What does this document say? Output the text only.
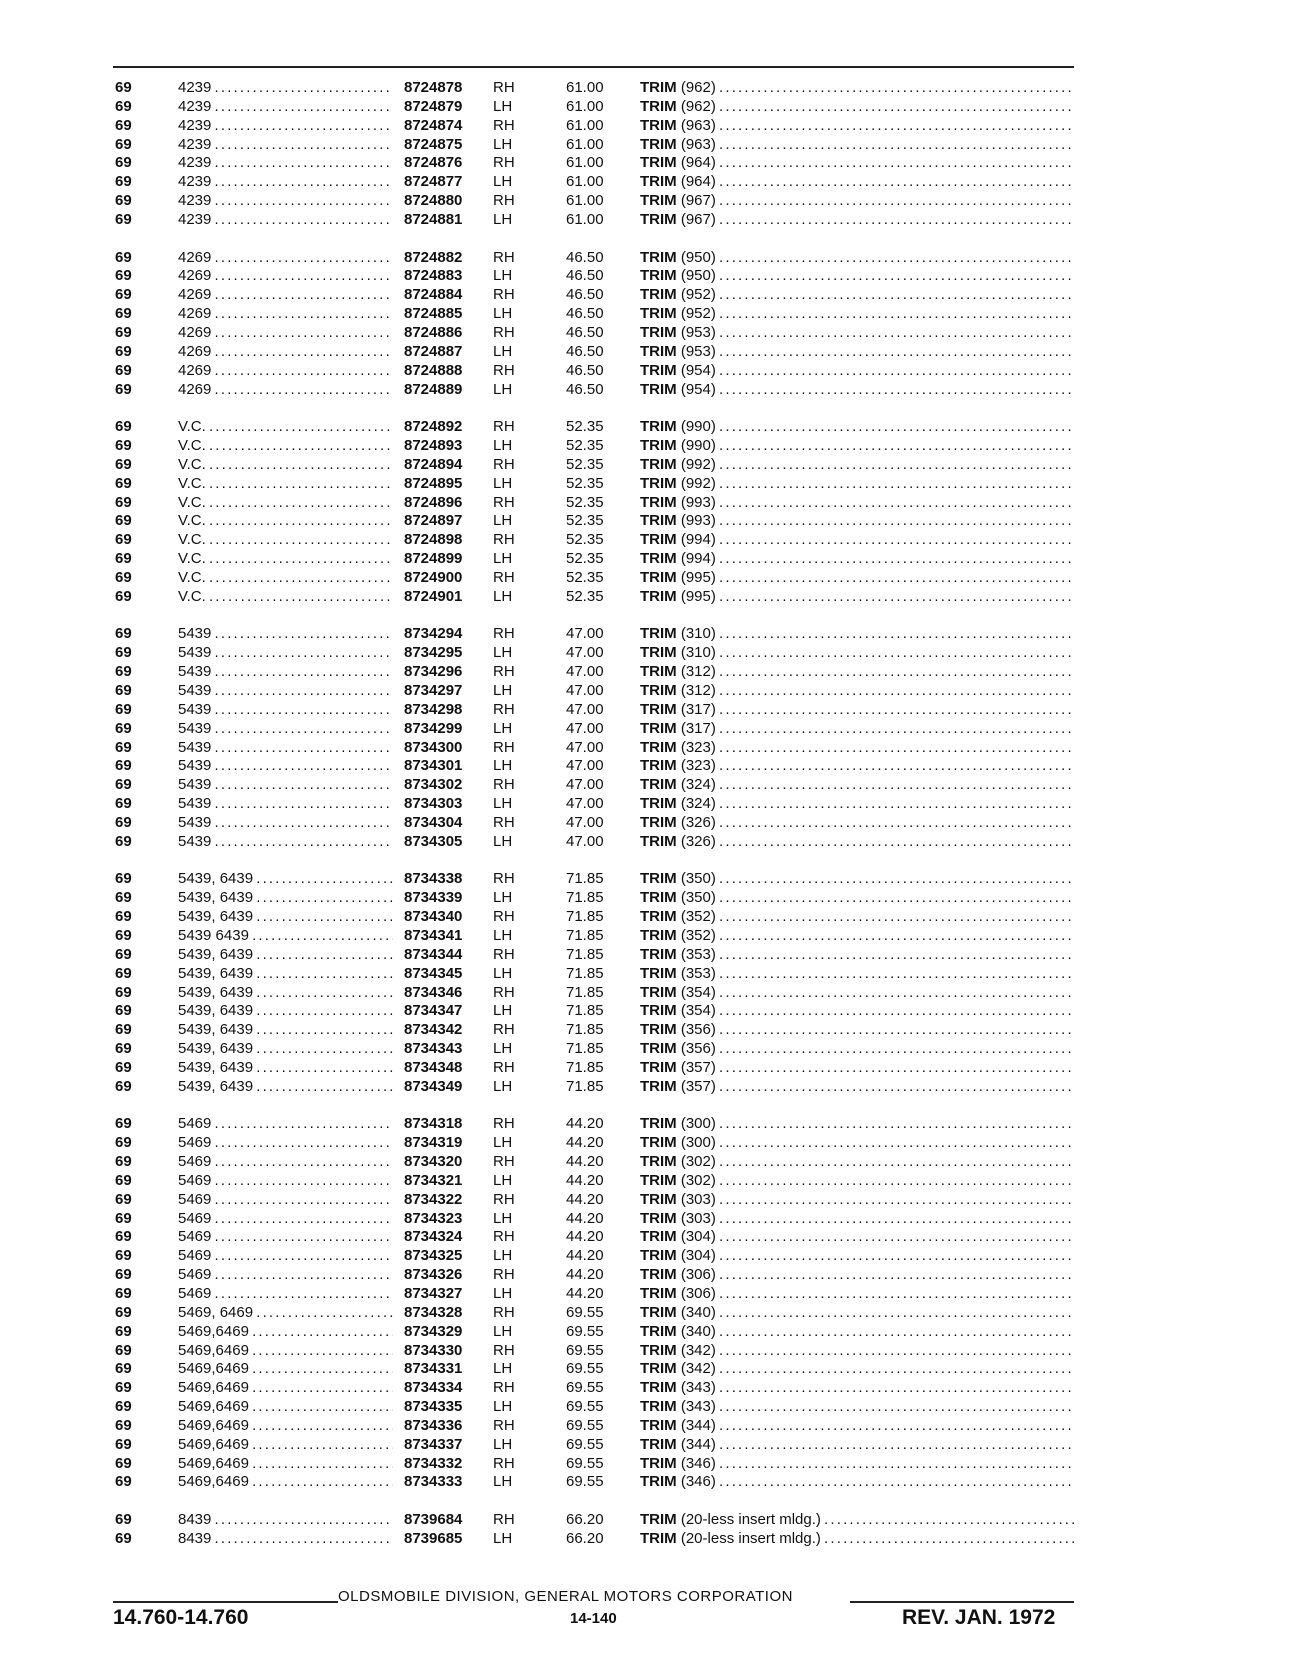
69	4239 . . .	8724878 RH	61.00 TRIM (962) . . .
69	4239 . . .	8724879 LH	61.00 TRIM (962) . . .
69	4239 . . .	8724874 RH	61.00 TRIM (963) . . .
69	4239 . . .	8724875 LH	61.00 TRIM (963) . . .
69	4239 . . .	8724876 RH	61.00 TRIM (964) . . .
69	4239 . . .	8724877 LH	61.00 TRIM (964) . . .
69	4239 . . .	8724880 RH	61.00 TRIM (967) . . .
69	4239 . . .	8724881 LH	61.00 TRIM (967) . . .
69	4269 . . .	8724882 RH	46.50 TRIM (950) . . .
69	4269 . . .	8724883 LH	46.50 TRIM (950) . . .
69	4269 . . .	8724884 RH	46.50 TRIM (952) . . .
69	4269 . . .	8724885 LH	46.50 TRIM (952) . . .
69	4269 . . .	8724886 RH	46.50 TRIM (953) . . .
69	4269 . . .	8724887 LH	46.50 TRIM (953) . . .
69	4269 . . .	8724888 RH	46.50 TRIM (954) . . .
69	4269 . . .	8724889 LH	46.50 TRIM (954) . . .
69	V.C. . . .	8724892 RH	52.35 TRIM (990) . . .
69	V.C. . . .	8724893 LH	52.35 TRIM (990) . . .
69	V.C. . . .	8724894 RH	52.35 TRIM (992) . . .
69	V.C. . . .	8724895 LH	52.35 TRIM (992) . . .
69	V.C. . . .	8724896 RH	52.35 TRIM (993) . . .
69	V.C. . . .	8724897 LH	52.35 TRIM (993) . . .
69	V.C. . . .	8724898 RH	52.35 TRIM (994) . . .
69	V.C. . . .	8724899 LH	52.35 TRIM (994) . . .
69	V.C. . . .	8724900 RH	52.35 TRIM (995) . . .
69	V.C. . . .	8724901 LH	52.35 TRIM (995) . . .
69	5439 . . .	8734294 RH	47.00 TRIM (310) . . .
69	5439 . . .	8734295 LH	47.00 TRIM (310) . . .
69	5439 . . .	8734296 RH	47.00 TRIM (312) . . .
69	5439 . . .	8734297 LH	47.00 TRIM (312) . . .
69	5439 . . .	8734298 RH	47.00 TRIM (317) . . .
69	5439 . . .	8734299 LH	47.00 TRIM (317) . . .
69	5439 . . .	8734300 RH	47.00 TRIM (323) . . .
69	5439 . . .	8734301 LH	47.00 TRIM (323) . . .
69	5439 . . .	8734302 RH	47.00 TRIM (324) . . .
69	5439 . . .	8734303 LH	47.00 TRIM (324) . . .
69	5439 . . .	8734304 RH	47.00 TRIM (326) . . .
69	5439 . . .	8734305 LH	47.00 TRIM (326) . . .
69	5439, 6439 . . .	8734338 RH	71.85 TRIM (350) . . .
69	5439, 6439 . . .	8734339 LH	71.85 TRIM (350) . . .
69	5439, 6439 . . .	8734340 RH	71.85 TRIM (352) . . .
69	5439 6439 . . .	8734341 LH	71.85 TRIM (352) . . .
69	5439, 6439 . . .	8734344 RH	71.85 TRIM (353) . . .
69	5439, 6439 . . .	8734345 LH	71.85 TRIM (353) . . .
69	5439, 6439 . . .	8734346 RH	71.85 TRIM (354) . . .
69	5439, 6439 . . .	8734347 LH	71.85 TRIM (354) . . .
69	5439, 6439 . . .	8734342 RH	71.85 TRIM (356) . . .
69	5439, 6439 . . .	8734343 LH	71.85 TRIM (356) . . .
69	5439, 6439 . . .	8734348 RH	71.85 TRIM (357) . . .
69	5439, 6439 . . .	8734349 LH	71.85 TRIM (357) . . .
69	5469 . . .	8734318 RH	44.20 TRIM (300) . . .
69	5469 . . .	8734319 LH	44.20 TRIM (300) . . .
69	5469 . . .	8734320 RH	44.20 TRIM (302) . . .
69	5469 . . .	8734321 LH	44.20 TRIM (302) . . .
69	5469 . . .	8734322 RH	44.20 TRIM (303) . . .
69	5469 . . .	8734323 LH	44.20 TRIM (303) . . .
69	5469 . . .	8734324 RH	44.20 TRIM (304) . . .
69	5469 . . .	8734325 LH	44.20 TRIM (304) . . .
69	5469 . . .	8734326 RH	44.20 TRIM (306) . . .
69	5469 . . .	8734327 LH	44.20 TRIM (306) . . .
69	5469, 6469 . . .	8734328 RH	69.55 TRIM (340) . . .
69	5469,6469 . . .	8734329 LH	69.55 TRIM (340) . . .
69	5469,6469 . . .	8734330 RH	69.55 TRIM (342) . . .
69	5469,6469 . . .	8734331 LH	69.55 TRIM (342) . . .
69	5469,6469 . . .	8734334 RH	69.55 TRIM (343) . . .
69	5469,6469 . . .	8734335 LH	69.55 TRIM (343) . . .
69	5469,6469 . . .	8734336 RH	69.55 TRIM (344) . . .
69	5469,6469 . . .	8734337 LH	69.55 TRIM (344) . . .
69	5469,6469 . . .	8734332 RH	69.55 TRIM (346) . . .
69	5469,6469 . . .	8734333 LH	69.55 TRIM (346) . . .
69	8439 . . .	8739684 RH	66.20 TRIM (20-less insert mldg.) . . .
69	8439 . . .	8739685 LH	66.20 TRIM (20-less insert mldg.) . . .
OLDSMOBILE DIVISION, GENERAL MOTORS CORPORATION
14.760-14.760	14-140	REV. JAN. 1972
